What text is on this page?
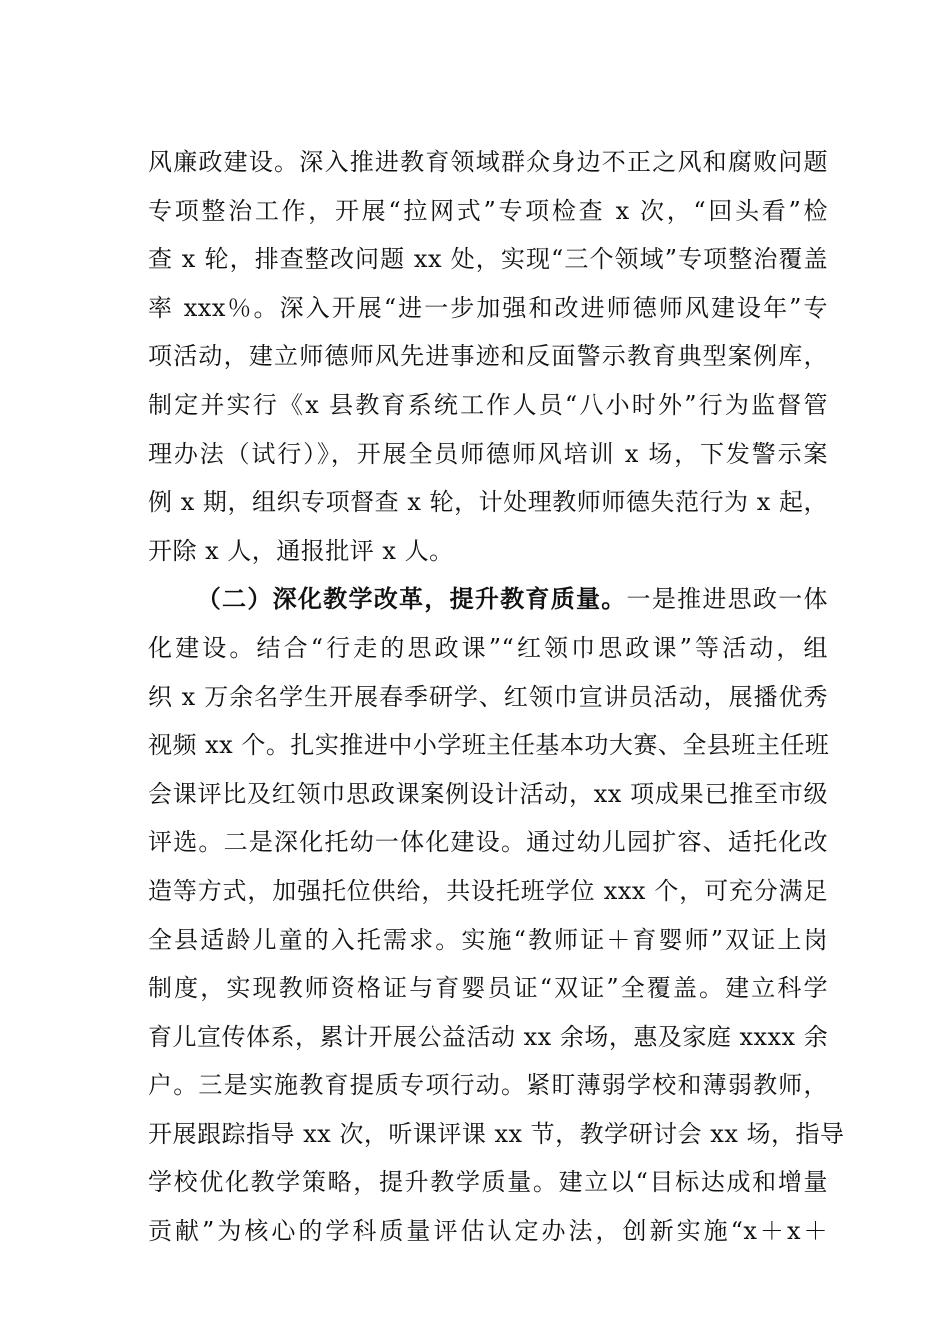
风廉政建设。深入推进教育领域群众身边不正之风和腐败问题
专项整治工作，开展“拉网式”专项检查 x 次，“回头看”检
查 x 轮，排查整改问题 xx 处，实现“三个领域”专项整治覆盖
率 xxx％。深入开展“进一步加强和改进师德师风建设年”专
项活动，建立师德师风先进事迹和反面警示教育典型案例库，
制定并实行《x 县教育系统工作人员“八小时外”行为监督管
理办法（试行）》，开展全员师德师风培训 x 场，下发警示案
例 x 期，组织专项督查 x 轮，计处理教师师德失范行为 x 起，
开除 x 人，通报批评 x 人。
（二）深化教学改革，提升教育质量。一是推进思政一体
化建设。结合“行走的思政课”“红领巾思政课”等活动，组
织 x 万余名学生开展春季研学、红领巾宣讲员活动，展播优秀
视频 xx 个。扎实推进中小学班主任基本功大赛、全县班主任班
会课评比及红领巾思政课案例设计活动，xx 项成果已推至市级
评选。二是深化托幼一体化建设。通过幼儿园扩容、适托化改
造等方式，加强托位供给，共设托班学位 xxx 个，可充分满足
全县适龄儿童的入托需求。实施“教师证＋育婴师”双证上岗
制度，实现教师资格证与育婴员证“双证”全覆盖。建立科学
育儿宣传体系，累计开展公益活动 xx 余场，惠及家庭 xxxx 余
户。三是实施教育提质专项行动。紧盯薄弱学校和薄弱教师，
开展跟踪指导 xx 次，听课评课 xx 节，教学研讨会 xx 场，指导
学校优化教学策略，提升教学质量。建立以“目标达成和增量
贡献”为核心的学科质量评估认定办法，创新实施“x＋x＋
